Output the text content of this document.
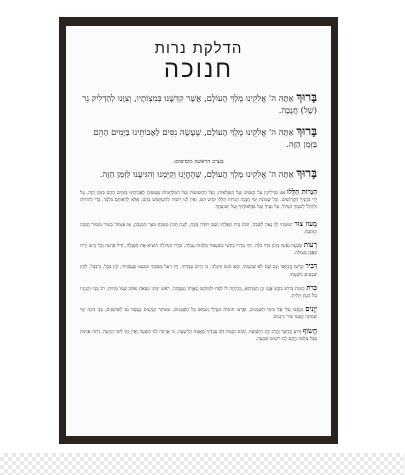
הדלקת נרות
חנוכה

בָּרוּךְ אַתָּה ה' אֱלֹקֵינוּ מֶלֶךְ הָעוֹלָם, אֲשֶׁר קִדְּשָׁנוּ בְּמִצְוֹתָיו, וְצִוָּנוּ לְהַדְלִיק נֵר (שֶׁל) חֲנֻכָּה.

בָּרוּךְ אַתָּה ה' אֱלֹקֵינוּ מֶלֶךְ הָעוֹלָם, שֶׁעָשָׂה נִסִּים לַאֲבוֹתֵינוּ בַּיָּמִים הָהֵם בַּזְּמַן הַזֶּה.

בערב הראשון מוסיפים:

בָּרוּךְ אַתָּה ה' אֱלֹקֵינוּ מֶלֶךְ הָעוֹלָם, שֶׁהֶחֱיָנוּ וְקִיְּמָנוּ וְהִגִּיעָנוּ לַזְּמַן הַזֶּה.

הַנֵּרוֹת הַלָּלוּ אָנוּ מַדְלִיקִין עַל הַנִּסִּים וְעַל הַנִּפְלָאוֹת, וְעַל הַתְּשׁוּעוֹת וְעַל הַמִּלְחָמוֹת שֶׁעָשִׂיתָ לַאֲבוֹתֵינוּ בַּיָּמִים הָהֵם בַּזְּמַן הַזֶּה, עַל יְדֵי כֹּהֲנֶיךָ הַקְּדוֹשִׁים. וְכָל שְׁמוֹנַת יְמֵי חֲנֻכָּה הַנֵּרוֹת הַלָּלוּ קֹדֶשׁ הֵם, וְאֵין לָנוּ רְשׁוּת לְהִשְׁתַּמֵּשׁ בָּהֶם, אֶלָּא לִרְאוֹתָם בִּלְבָד, כְּדֵי לְהוֹדוֹת וּלְהַלֵּל לְשִׁמְךָ הַגָּדוֹל, עַל נִסֶּיךָ וְעַל נִפְלְאוֹתֶיךָ וְעַל יְשׁוּעָתֶךָ.

מָעוֹז צוּר יְשׁוּעָתִי לְךָ נָאֶה לְשַׁבֵּחַ, תִּכּוֹן בֵּית תְּפִלָּתִי וְשָׁם תּוֹדָה נְזַבֵּחַ, לְעֵת תָּכִין מַטְבֵּחַ מִצָּר הַמְנַבֵּחַ, אָז אֶגְמוֹר בְּשִׁיר מִזְמוֹר חֲנֻכַּת הַמִּזְבֵּחַ.

רָעוֹת שָׂבְעָה נַפְשִׁי בְּיָגוֹן כֹּחִי כִּלָּה, חַיַּי מֵרְרוּ בְקֹשִׁי בְּשִׁעְבּוּד מַלְכוּת עֶגְלָה, וּבְיָדוֹ הַגְּדוֹלָה הוֹצִיא אֶת הַסְּגֻלָּה, חֵיל פַּרְעֹה וְכָל זַרְעוֹ יָרְדוּ כְּאֶבֶן מְצוּלָה.

דְּבִיר קָדְשׁוֹ הֱבִיאַנִי וְגַם שָׁם לֹא שָׁקַטְתִּי, וּבָא נוֹגֵשׂ וְהִגְלַנִי, כִּי זָרִים עָבַדְתִּי, וְיֵין רַעַל מָסַכְתִּי כִּמְעַט שֶׁעָבַרְתִּי, קֵץ בָּבֶל, זְרֻבָּבֶל, לְקֵץ שִׁבְעִים נוֹשַׁעְתִּי.

כְּרֹת קוֹמַת בְּרוֹשׁ בִּקֵּשׁ אֲגָגִי בֶּן הַמְּדָתָא, וְנִהְיָתָה לוֹ לְפַח וּלְמוֹקֵשׁ וְגַאֲוָתוֹ נִשְׁבָּתָה, רֹאשׁ יְמִינִי נִשֵּׂאתָ וְאוֹיֵב שְׁמוֹ מָחִיתָ, רֹב בָּנָיו וְקִנְיָנָיו עַל הָעֵץ תָּלִיתָ.

יְוָנִים נִקְבְּצוּ עָלַי אֲזַי בִּימֵי חַשְׁמַנִּים, וּפָרְצוּ חוֹמוֹת מִגְדָּלַי וְטִמְּאוּ כָּל הַשְּׁמָנִים, וּמִנּוֹתַר קַנְקַנִּים נַעֲשָׂה נֵס לַשּׁוֹשַׁנִּים, בְּנֵי בִינָה יְמֵי שְׁמוֹנָה קָבְעוּ שִׁיר וּרְנָנִים.

חֲשׂוֹף זְרוֹעַ קָדְשֶׁךָ וְקָרֵב קֵץ הַיְשׁוּעָה, נְקוֹם נִקְמַת דַּם עֲבָדֶיךָ מֵאֻמָּה הָרְשָׁעָה, כִּי אָרְכָה לָנוּ הַשָּׁעָה וְאֵין קֵץ לִימֵי הָרָעָה, דְּחֵה אַדְמוֹן בְּצֵל צַלְמוֹן הָקֵם לָנוּ רוֹעִים שִׁבְעָה.
